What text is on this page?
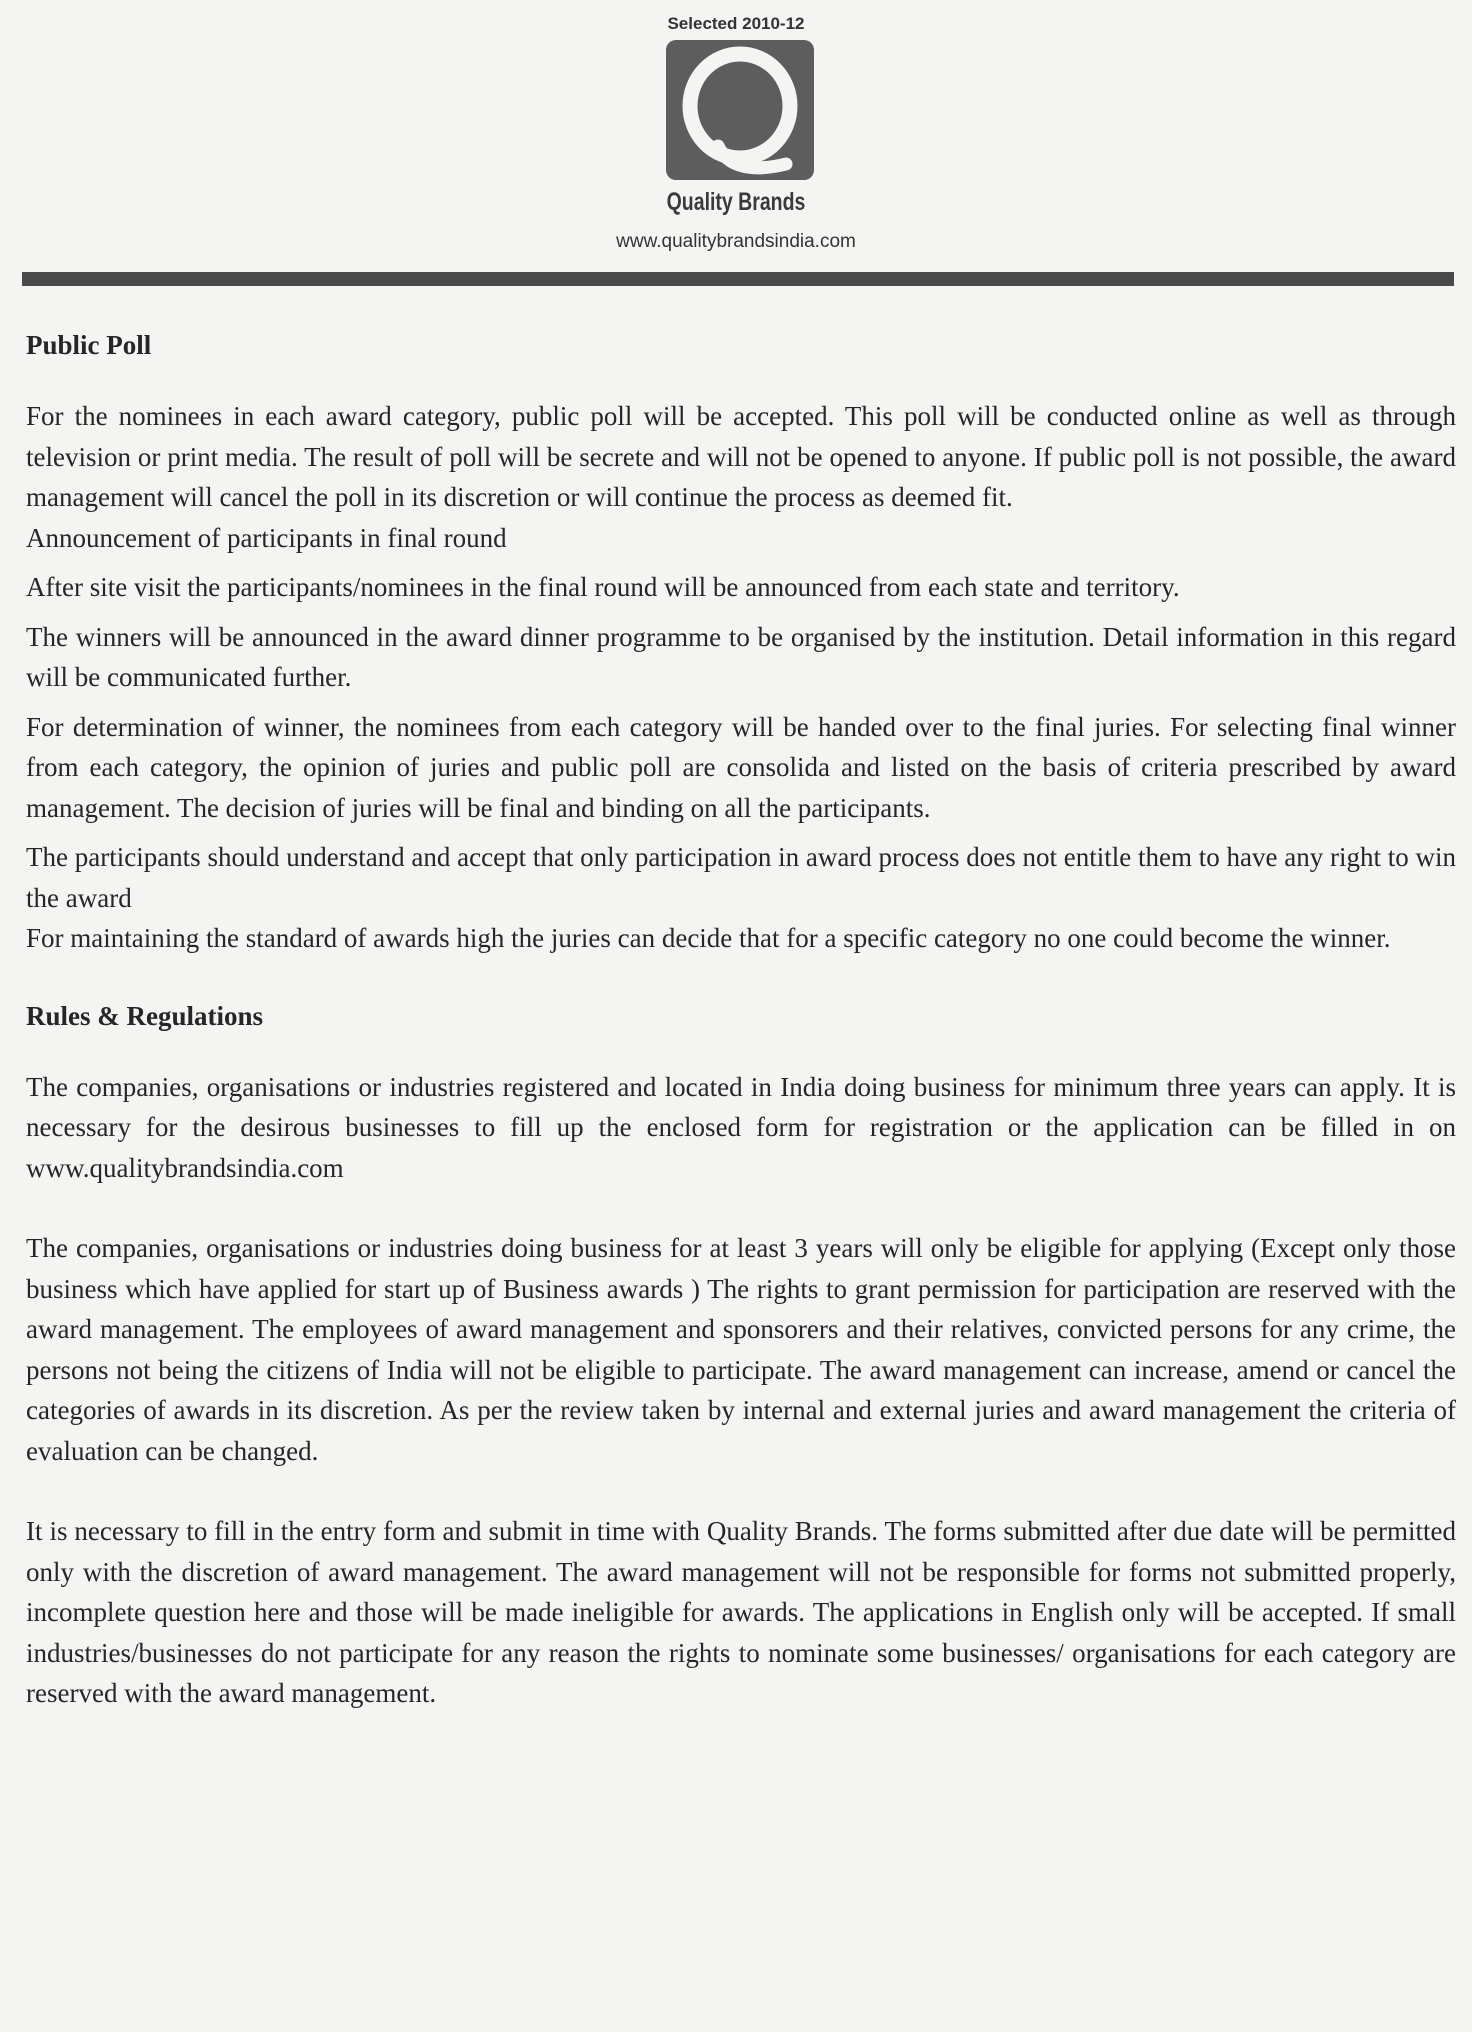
Selected 2010-12
Quality Brands
www.qualitybrandsindia.com
Public Poll

For the nominees in each award category, public poll will be accepted. This poll will be conducted online as well as through television or print media. The result of poll will be secrete and will not be opened to anyone. If public poll is not possible, the award management will cancel the poll in its discretion or will continue the process as deemed fit.

Announcement of participants in final round

After site visit the participants/nominees in the final round will be announced from each state and territory.

The winners will be announced in the award dinner programme to be organised by the institution. Detail information in this regard will be communicated further.

For determination of winner, the nominees from each category will be handed over to the final juries. For selecting final winner from each category, the opinion of juries and public poll are consolida and listed on the basis of criteria prescribed by award management. The decision of juries will be final and binding on all the participants.

The participants should understand and accept that only participation in award process does not entitle them to have any right to win the award

For maintaining the standard of awards high the juries can decide that for a specific category no one could become the winner.

Rules & Regulations

The companies, organisations or industries registered and located in India doing business for minimum three years can apply. It is necessary for the desirous businesses to fill up the enclosed form for registration or the application can be filled in on www.qualitybrandsindia.com

The companies, organisations or industries doing business for at least 3 years will only be eligible for applying (Except only those business which have applied for start up of Business awards ) The rights to grant permission for participation are reserved with the award management. The employees of award management and sponsorers and their relatives, convicted persons for any crime, the persons not being the citizens of India will not be eligible to participate. The award management can increase, amend or cancel the categories of awards in its discretion. As per the review taken by internal and external juries and award management the criteria of evaluation can be changed.

It is necessary to fill in the entry form and submit in time with Quality Brands. The forms submitted after due date will be permitted only with the discretion of award management. The award management will not be responsible for forms not submitted properly, incomplete question here and those will be made ineligible for awards. The applications in English only will be accepted. If small industries/businesses do not participate for any reason the rights to nominate some businesses/ organisations for each category are reserved with the award management.
